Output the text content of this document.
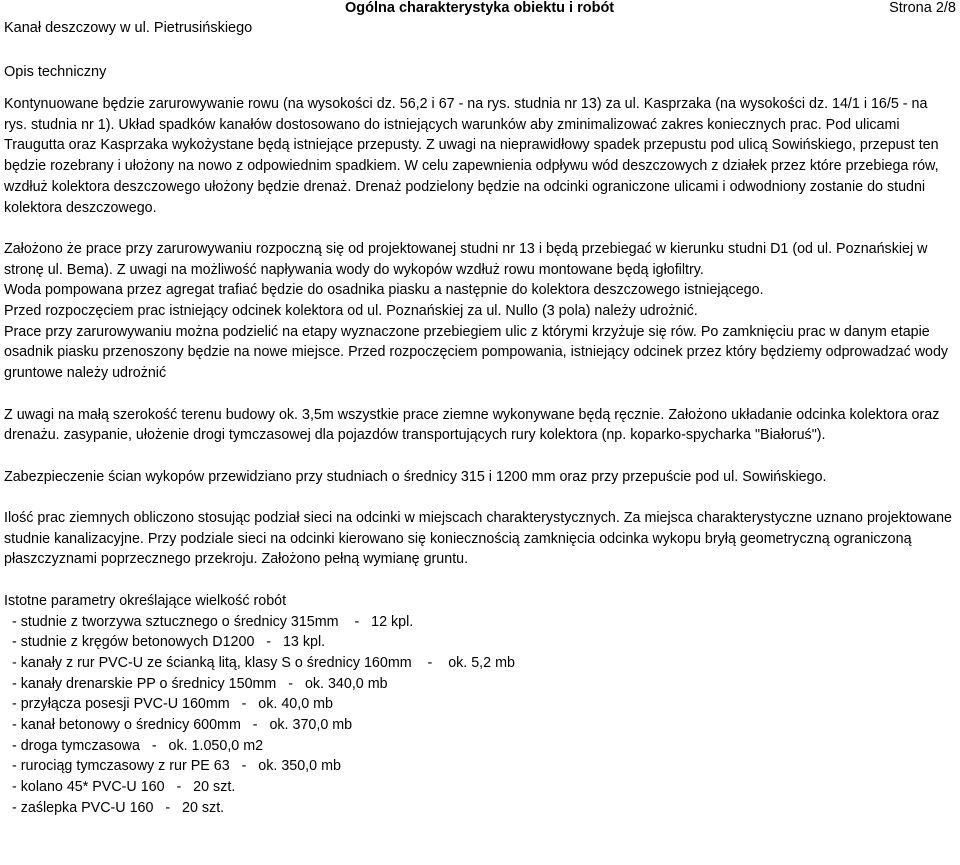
Kanał deszczowy w ul. Pietrusińskiego
Ogólna charakterystyka obiektu i robót	Strona 2/8
Opis techniczny

Kontynuowane będzie zarurowywanie rowu (na wysokości dz. 56,2 i 67 - na rys. studnia nr 13) za ul. Kasprzaka (na wysokości dz. 14/1 i 16/5 - na rys. studnia nr 1). Układ spadków kanałów dostosowano do istniejących warunków aby zminimalizować zakres koniecznych prac. Pod ulicami Traugutta oraz Kasprzaka wykożystane będą istniejące przepusty. Z uwagi na nieprawidłowy spadek przepustu pod ulicą Sowińskiego, przepust ten będzie rozebrany i ułożony na nowo z odpowiednim spadkiem. W celu zapewnienia odpływu wód deszczowych z działek przez które przebiega rów, wzdłuż kolektora deszczowego ułożony będzie drenaż. Drenaż podzielony będzie na odcinki ograniczone ulicami i odwodniony zostanie do studni kolektora deszczowego.

Założono że prace przy zarurowywaniu rozpoczną się od projektowanej studni nr 13 i będą przebiegać w kierunku studni D1 (od ul. Poznańskiej w stronę ul. Bema). Z uwagi na możliwość napływania wody do wykopów wzdłuż rowu montowane będą igłofiltry.

Woda pompowana przez agregat trafiać będzie do osadnika piasku a następnie do kolektora deszczowego istniejącego.

Przed rozpoczęciem prac istniejący odcinek kolektora od ul. Poznańskiej za ul. Nullo (3 pola) należy udrożnić.

Prace przy zarurowywaniu można podzielić na etapy wyznaczone przebiegiem ulic z którymi krzyżuje się rów. Po zamknięciu prac w danym etapie osadnik piasku przenoszony będzie na nowe miejsce. Przed rozpoczęciem pompowania, istniejący odcinek przez który będziemy odprowadzać wody gruntowe należy udrożnić

Z uwagi na małą szerokość terenu budowy ok. 3,5m wszystkie prace ziemne wykonywane będą ręcznie. Założono układanie odcinka kolektora oraz drenażu. zasypanie, ułożenie drogi tymczasowej dla pojazdów transportujących rury kolektora (np. koparko-spycharka "Białoruś").

Zabezpieczenie ścian wykopów przewidziano przy studniach o średnicy 315 i 1200 mm oraz przy przepuście pod ul. Sowińskiego.

Ilość prac ziemnych obliczono stosując podział sieci na odcinki w miejscach charakterystycznych. Za miejsca charakterystyczne uznano projektowane studnie kanalizacyjne. Przy podziale sieci na odcinki kierowano się koniecznością zamknięcia odcinka wykopu bryłą geometryczną ograniczoną płaszczyznami poprzecznego przekroju. Założono pełną wymianę gruntu.

Istotne parametry określające wielkość robót

- studnie z tworzywa sztucznego o średnicy 315mm    -   12 kpl.
- studnie z kręgów betonowych D1200   -   13 kpl.
- kanały z rur PVC-U ze ścianką litą, klasy S o średnicy 160mm    -    ok. 5,2 mb
- kanały drenarskie PP o średnicy 150mm   -   ok. 340,0 mb
- przyłącza posesji PVC-U 160mm   -   ok. 40,0 mb
- kanał betonowy o średnicy 600mm   -   ok. 370,0 mb
- droga tymczasowa   -   ok. 1.050,0 m2
- rurociąg tymczasowy z rur PE 63   -   ok. 350,0 mb
- kolano 45* PVC-U 160   -   20 szt.
- zaślepka PVC-U 160   -   20 szt.
